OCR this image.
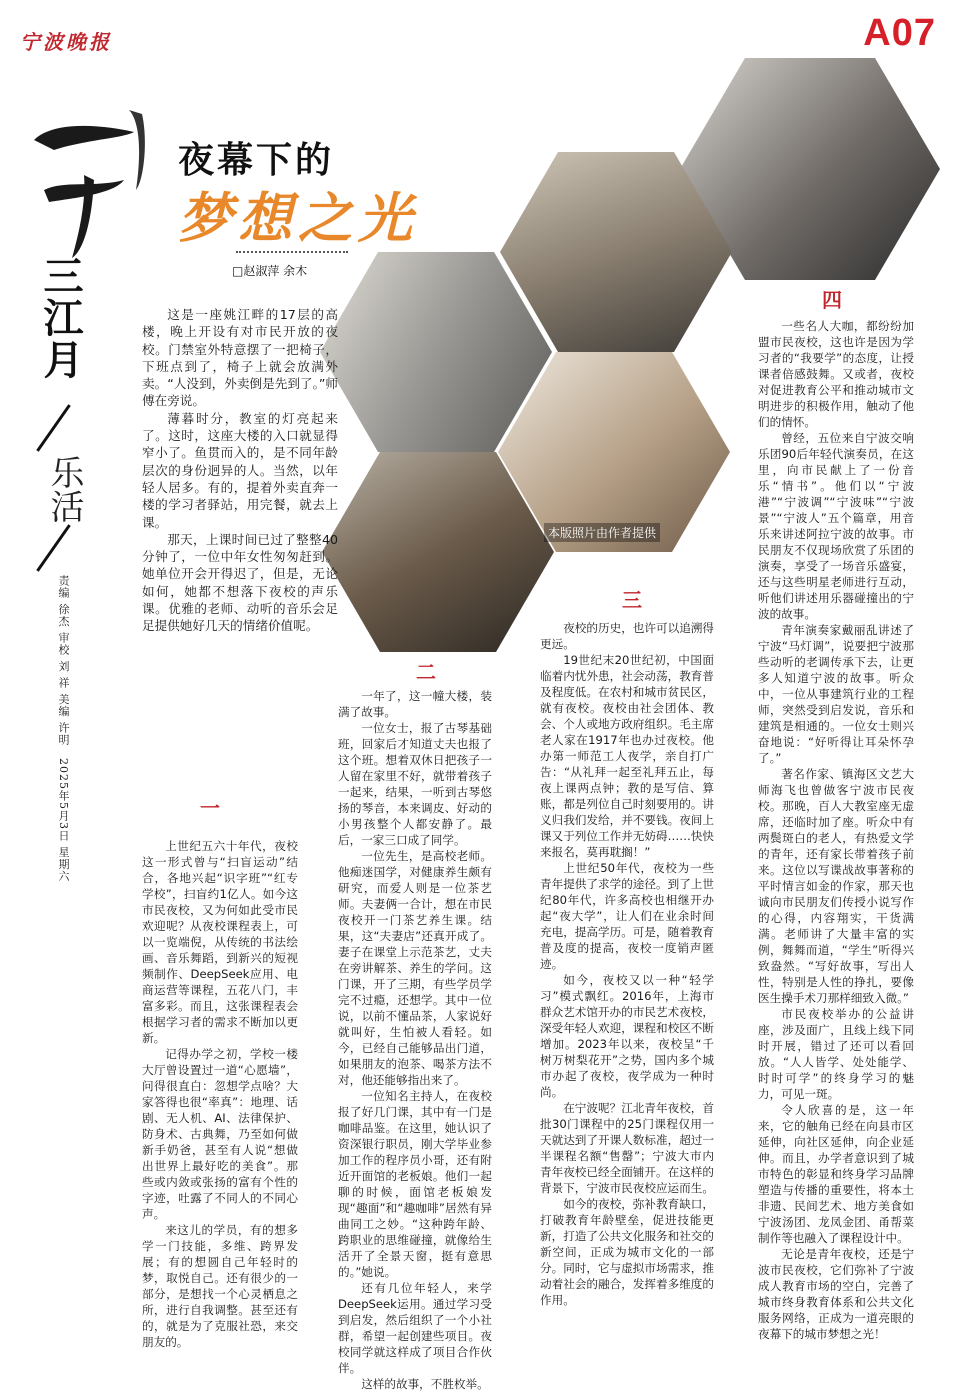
宁波晚报	A07
三江月
乐活
责编 徐杰 审校 刘 祥 美编 许明　2025年5月3日 星期六
夜幕下的
梦想之光
□赵淑萍 余木
本版照片由作者提供

这是一座姚江畔的17层的高楼，晚上开设有对市民开放的夜校。门禁室外特意摆了一把椅子，下班点到了，椅子上就会放满外卖。“人没到，外卖倒是先到了。”师傅在旁说。

薄暮时分，教室的灯亮起来了。这时，这座大楼的入口就显得窄小了。鱼贯而入的，是不同年龄层次的身份迥异的人。当然，以年轻人居多。有的，提着外卖直奔一楼的学习者驿站，用完餐，就去上课。

那天，上课时间已过了整整40分钟了，一位中年女性匆匆赶到。她单位开会开得迟了，但是，无论如何，她都不想落下夜校的声乐课。优雅的老师、动听的音乐会足足提供她好几天的情绪价值呢。

一

上世纪五六十年代，夜校这一形式曾与“扫盲运动”结合，各地兴起“识字班”“红专学校”，扫盲约1亿人。如今这市民夜校，又为何如此受市民欢迎呢？从夜校课程表上，可以一览端倪，从传统的书法绘画、音乐舞蹈，到新兴的短视频制作、DeepSeek应用、电商运营等课程，五花八门，丰富多彩。而且，这张课程表会根据学习者的需求不断加以更新。

记得办学之初，学校一楼大厅曾设置过一道“心愿墙”，问得很直白：忽想学点啥？大家答得也很“率真”：地理、话剧、无人机、AI、法律保护、防身术、古典舞，乃至如何做新手奶爸，甚至有人说“想做出世界上最好吃的美食”。那些或内敛或张扬的富有个性的字迹，吐露了不同人的不同心声。

来这儿的学员，有的想多学一门技能，多维、跨界发展；有的想圆自己年轻时的梦，取悦自己。还有很少的一部分，是想找一个心灵栖息之所，进行自我调整。甚至还有的，就是为了克服社恐，来交朋友的。

二

一年了，这一幢大楼，装满了故事。

一位女士，报了古琴基础班，回家后才知道丈夫也报了这个班。想着双休日把孩子一人留在家里不好，就带着孩子一起来，结果，一听到古琴悠扬的琴音，本来调皮、好动的小男孩整个人都安静了。最后，一家三口成了同学。

一位先生，是高校老师。他痴迷国学，对健康养生颇有研究，而爱人则是一位茶艺师。夫妻俩一合计，想在市民夜校开一门茶艺养生课。结果，这“夫妻店”还真开成了。妻子在课堂上示范茶艺，丈夫在旁讲解茶、养生的学问。这门课，开了三期，有些学员学完不过瘾，还想学。其中一位说，以前不懂品茶，人家说好就叫好，生怕被人看轻。如今，已经自己能够品出门道，如果朋友的泡茶、喝茶方法不对，他还能够指出来了。

一位知名主持人，在夜校报了好几门课，其中有一门是咖啡品鉴。在这里，她认识了资深银行职员，刚大学毕业参加工作的程序员小哥，还有附近开面馆的老板娘。他们一起聊的时候，面馆老板娘发现“趣面”和“趣咖啡”居然有异曲同工之妙。“这种跨年龄、跨职业的思维碰撞，就像给生活开了全景天窗，挺有意思的。”她说。

还有几位年轻人，来学DeepSeek运用。通过学习受到启发，然后组织了一个小社群，希望一起创建些项目。夜校同学就这样成了项目合作伙伴。

这样的故事，不胜枚举。

三

夜校的历史，也许可以追溯得更远。

19世纪末20世纪初，中国面临着内忧外患，社会动荡，教育普及程度低。在农村和城市贫民区，就有夜校。夜校由社会团体、教会、个人或地方政府组织。毛主席老人家在1917年也办过夜校。他办第一师范工人夜学，亲自打广告：“从礼拜一起至礼拜五止，每夜上课两点钟；教的是写信、算账，都是列位自己时刻要用的。讲义归我们发给，并不要钱。夜间上课又于列位工作并无妨碍……快快来报名，莫再耽搁！”

上世纪50年代，夜校为一些青年提供了求学的途径。到了上世纪80年代，许多高校也相继开办起“夜大学”，让人们在业余时间充电，提高学历。可是，随着教育普及度的提高，夜校一度销声匿迹。

如今，夜校又以一种“轻学习”模式飘红。2016年，上海市群众艺术馆开办的市民艺术夜校，深受年轻人欢迎，课程和校区不断增加。2023年以来，夜校呈“千树万树梨花开”之势，国内多个城市办起了夜校，夜学成为一种时尚。

在宁波呢？江北青年夜校，首批30门课程中的25门课程仅用一天就达到了开课人数标准，超过一半课程名额“售罄”；宁波大市内青年夜校已经全面铺开。在这样的背景下，宁波市民夜校应运而生。

如今的夜校，弥补教育缺口，打破教育年龄壁垒，促进技能更新，打造了公共文化服务和社交的新空间，正成为城市文化的一部分。同时，它与虚拟市场需求，推动着社会的融合，发挥着多维度的作用。

四

一些名人大咖，都纷纷加盟市民夜校，这也许是因为学习者的“我要学”的态度，让授课者倍感鼓舞。又或者，夜校对促进教育公平和推动城市文明进步的积极作用，触动了他们的情怀。

曾经，五位来自宁波交响乐团90后年轻代演奏员，在这里，向市民献上了一份音乐“情书”。他们以“宁波港”“宁波调”“宁波味”“宁波景”“宁波人”五个篇章，用音乐来讲述阿拉宁波的故事。市民朋友不仅现场欣赏了乐团的演奏，享受了一场音乐盛宴，还与这些明星老师进行互动，听他们讲述用乐器碰撞出的宁波的故事。

青年演奏家戴丽乱讲述了宁波“马灯调”，说要把宁波那些动听的老调传承下去，让更多人知道宁波的故事。听众中，一位从事建筑行业的工程师，突然受到启发说，音乐和建筑是相通的。一位女士则兴奋地说：“好听得让耳朵怀孕了。”

著名作家、镇海区文艺大师海飞也曾做客宁波市民夜校。那晚，百人大教室座无虚席，还临时加了座。听众中有两鬓斑白的老人，有热爱文学的青年，还有家长带着孩子前来。这位以写谍战故事著称的平时情言如金的作家，那天也诚向市民朋友们传授小说写作的心得，内容翔实，干货满满。老师讲了大量丰富的实例，舞舞而道，“学生”听得兴致盎然。“写好故事，写出人性，特别是人性的挣扎，要像医生操手术刀那样细致入微。”

市民夜校举办的公益讲座，涉及面广，且线上线下同时开展，错过了还可以看回放。“人人皆学、处处能学、时时可学”的终身学习的魅力，可见一斑。

令人欣喜的是，这一年来，它的触角已经在向县市区延伸，向社区延伸，向企业延伸。而且，办学者意识到了城市特色的彰显和终身学习品牌塑造与传播的重要性，将本土非遗、民间艺术、地方美食如宁波汤团、龙凤金团、甬帮菜制作等也融入了课程设计中。

无论是青年夜校，还是宁波市民夜校，它们弥补了宁波成人教育市场的空白，完善了城市终身教育体系和公共文化服务网络，正成为一道亮眼的夜幕下的城市梦想之光！
